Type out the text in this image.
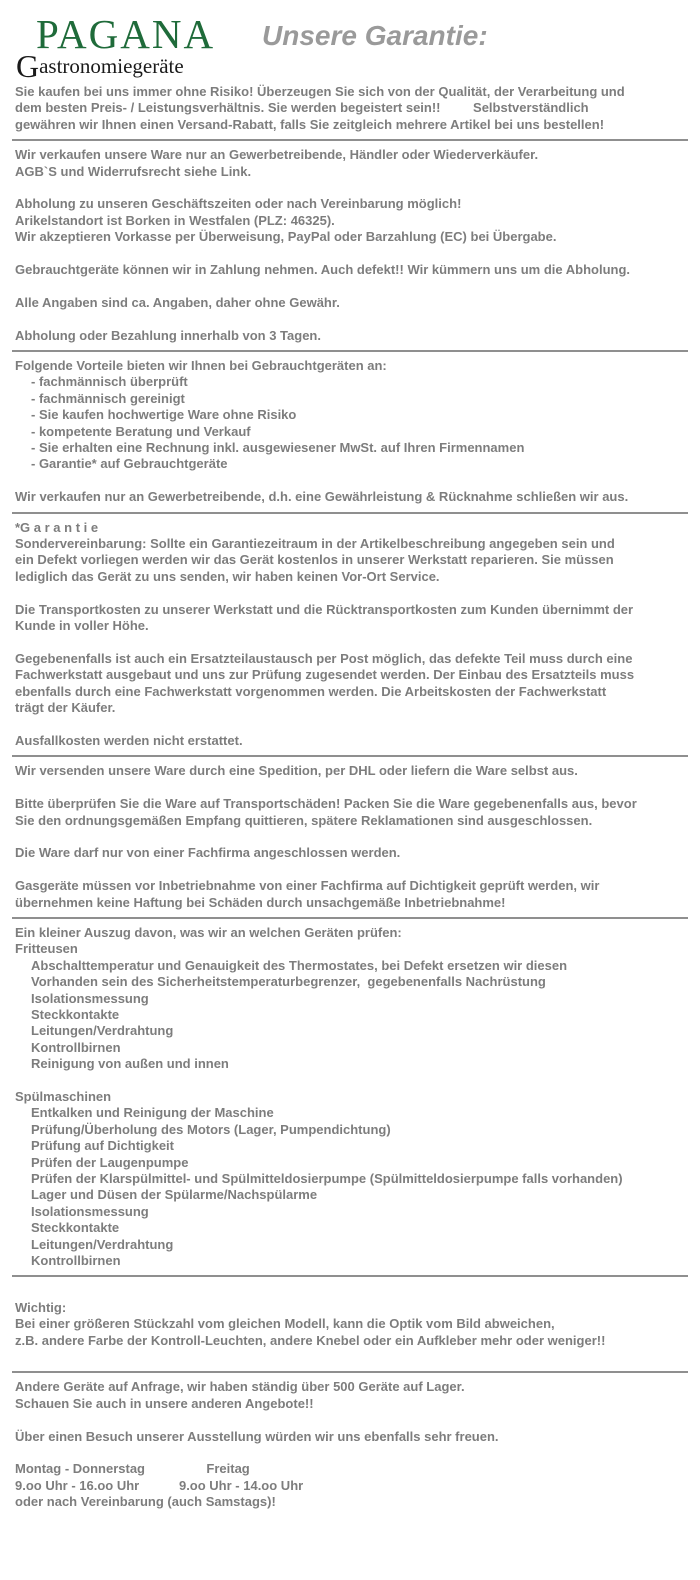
PAGANA
Gastronomiegeräte
Unsere Garantie:

Sie kaufen bei uns immer ohne Risiko! Überzeugen Sie sich von der Qualität, der Verarbeitung und

dem besten Preis- / Leistungsverhältnis. Sie werden begeistert sein!!         Selbstverständlich

gewähren wir Ihnen einen Versand-Rabatt, falls Sie zeitgleich mehrere Artikel bei uns bestellen!

Wir verkaufen unsere Ware nur an Gewerbetreibende, Händler oder Wiederverkäufer.

AGB`S und Widerrufsrecht siehe Link.

Abholung zu unseren Geschäftszeiten oder nach Vereinbarung möglich!

Arikelstandort ist Borken in Westfalen (PLZ: 46325).

Wir akzeptieren Vorkasse per Überweisung, PayPal oder Barzahlung (EC) bei Übergabe.

Gebrauchtgeräte können wir in Zahlung nehmen. Auch defekt!! Wir kümmern uns um die Abholung.

Alle Angaben sind ca. Angaben, daher ohne Gewähr.

Abholung oder Bezahlung innerhalb von 3 Tagen.

Folgende Vorteile bieten wir Ihnen bei Gebrauchtgeräten an:

- fachmännisch überprüft

- fachmännisch gereinigt

- Sie kaufen hochwertige Ware ohne Risiko

- kompetente Beratung und Verkauf

- Sie erhalten eine Rechnung inkl. ausgewiesener MwSt. auf Ihren Firmennamen

- Garantie* auf Gebrauchtgeräte

Wir verkaufen nur an Gewerbetreibende, d.h. eine Gewährleistung & Rücknahme schließen wir aus.

*G a r a n t i e

Sondervereinbarung: Sollte ein Garantiezeitraum in der Artikelbeschreibung angegeben sein und

ein Defekt vorliegen werden wir das Gerät kostenlos in unserer Werkstatt reparieren. Sie müssen

lediglich das Gerät zu uns senden, wir haben keinen Vor-Ort Service.

Die Transportkosten zu unserer Werkstatt und die Rücktransportkosten zum Kunden übernimmt der

Kunde in voller Höhe.

Gegebenenfalls ist auch ein Ersatzteilaustausch per Post möglich, das defekte Teil muss durch eine

Fachwerkstatt ausgebaut und uns zur Prüfung zugesendet werden. Der Einbau des Ersatzteils muss

ebenfalls durch eine Fachwerkstatt vorgenommen werden. Die Arbeitskosten der Fachwerkstatt

trägt der Käufer.

Ausfallkosten werden nicht erstattet.

Wir versenden unsere Ware durch eine Spedition, per DHL oder liefern die Ware selbst aus.

Bitte überprüfen Sie die Ware auf Transportschäden! Packen Sie die Ware gegebenenfalls aus, bevor

Sie den ordnungsgemäßen Empfang quittieren, spätere Reklamationen sind ausgeschlossen.

Die Ware darf nur von einer Fachfirma angeschlossen werden.

Gasgeräte müssen vor Inbetriebnahme von einer Fachfirma auf Dichtigkeit geprüft werden, wir

übernehmen keine Haftung bei Schäden durch unsachgemäße Inbetriebnahme!

Ein kleiner Auszug davon, was wir an welchen Geräten prüfen:

Fritteusen

Abschalttemperatur und Genauigkeit des Thermostates, bei Defekt ersetzen wir diesen

Vorhanden sein des Sicherheitstemperaturbegrenzer,  gegebenenfalls Nachrüstung

Isolationsmessung

Steckkontakte

Leitungen/Verdrahtung

Kontrollbirnen

Reinigung von außen und innen

Spülmaschinen

Entkalken und Reinigung der Maschine

Prüfung/Überholung des Motors (Lager, Pumpendichtung)

Prüfung auf Dichtigkeit

Prüfen der Laugenpumpe

Prüfen der Klarspülmittel- und Spülmitteldosierpumpe (Spülmitteldosierpumpe falls vorhanden)

Lager und Düsen der Spülarme/Nachspülarme

Isolationsmessung

Steckkontakte

Leitungen/Verdrahtung

Kontrollbirnen

Wichtig:

Bei einer größeren Stückzahl vom gleichen Modell, kann die Optik vom Bild abweichen,

z.B. andere Farbe der Kontroll-Leuchten, andere Knebel oder ein Aufkleber mehr oder weniger!!

Andere Geräte auf Anfrage, wir haben ständig über 500 Geräte auf Lager.

Schauen Sie auch in unsere anderen Angebote!!

Über einen Besuch unserer Ausstellung würden wir uns ebenfalls sehr freuen.

Montag - Donnerstag                 Freitag

9.oo Uhr - 16.oo Uhr           9.oo Uhr - 14.oo Uhr

oder nach Vereinbarung (auch Samstags)!
